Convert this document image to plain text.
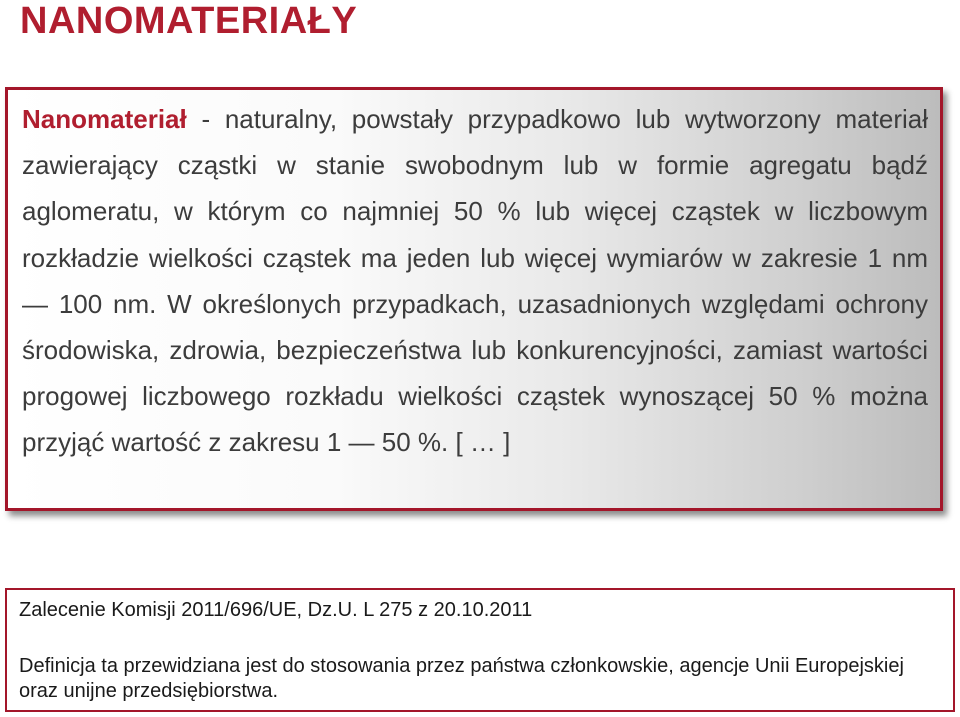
NANOMATERIAŁY

Nanomateriał - naturalny, powstały przypadkowo lub wytworzony materiał zawierający cząstki w stanie swobodnym lub w formie agregatu bądź aglomeratu, w którym co najmniej 50 % lub więcej cząstek w liczbowym rozkładzie wielkości cząstek ma jeden lub więcej wymiarów w zakresie 1 nm — 100 nm. W określonych przypadkach, uzasadnionych względami ochrony środowiska, zdrowia, bezpieczeństwa lub konkurencyjności, zamiast wartości progowej liczbowego rozkładu wielkości cząstek wynoszącej 50 % można przyjąć wartość z zakresu 1 — 50 %. [ … ]

Zalecenie Komisji 2011/696/UE, Dz.U. L 275 z 20.10.2011

Definicja ta przewidziana jest do stosowania przez państwa członkowskie, agencje Unii Europejskiej oraz unijne przedsiębiorstwa.
